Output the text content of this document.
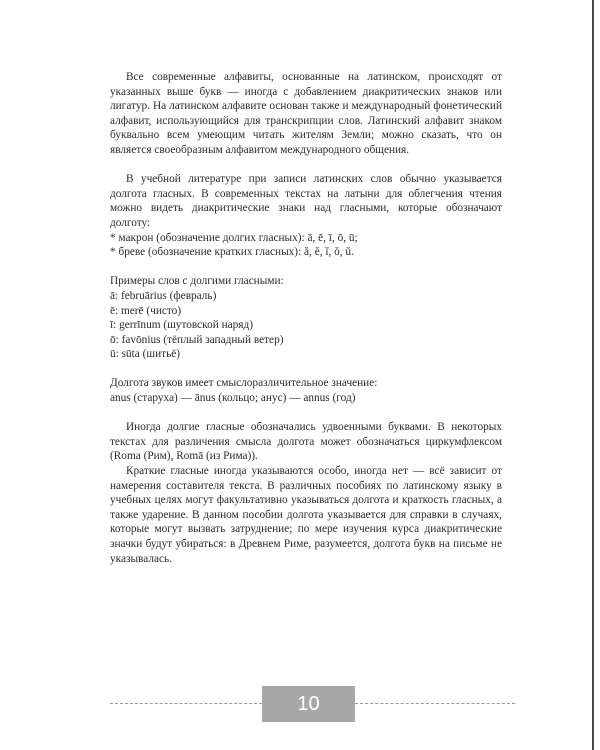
Все современные алфавиты, основанные на латинском, происходят от указанных выше букв — иногда с добавлением диакритических знаков или лигатур. На латинском алфавите основан также и международный фонетический алфавит, использующийся для транскрипции слов. Латинский алфавит знаком буквально всем умеющим читать жителям Земли; можно сказать, что он является своеобразным алфавитом международного общения.

В учебной литературе при записи латинских слов обычно указывается долгота гласных. В современных текстах на латыни для облегчения чтения можно видеть диакритические знаки над гласными, которые обозначают долготу:

* макрон (обозначение долгих гласных): ā, ē, ī, ō, ū;
* бреве (обозначение кратких гласных): ă, ĕ, ĭ, ŏ, ŭ.

Примеры слов с долгими гласными:
ā: februārius (февраль)
ē: merē (чисто)
ī: gerrīnum (шутовской наряд)
ō: favōnius (тёплый западный ветер)
ū: sūta (шитьё)

Долгота звуков имеет смыслоразличительное значение:
anus (старуха) — ānus (кольцо; анус) — annus (год)

Иногда долгие гласные обозначались удвоенными буквами. В некоторых текстах для различения смысла долгота может обозначаться циркумфлексом (Roma (Рим), Romā (из Рима)).

Краткие гласные иногда указываются особо, иногда нет — всё зависит от намерения составителя текста. В различных пособиях по латинскому языку в учебных целях могут факультативно указываться долгота и краткость гласных, а также ударение. В данном пособии долгота указывается для справки в случаях, которые могут вызвать затруднение; по мере изучения курса диакритические значки будут убираться: в Древнем Риме, разумеется, долгота букв на письме не указывалась.

10
